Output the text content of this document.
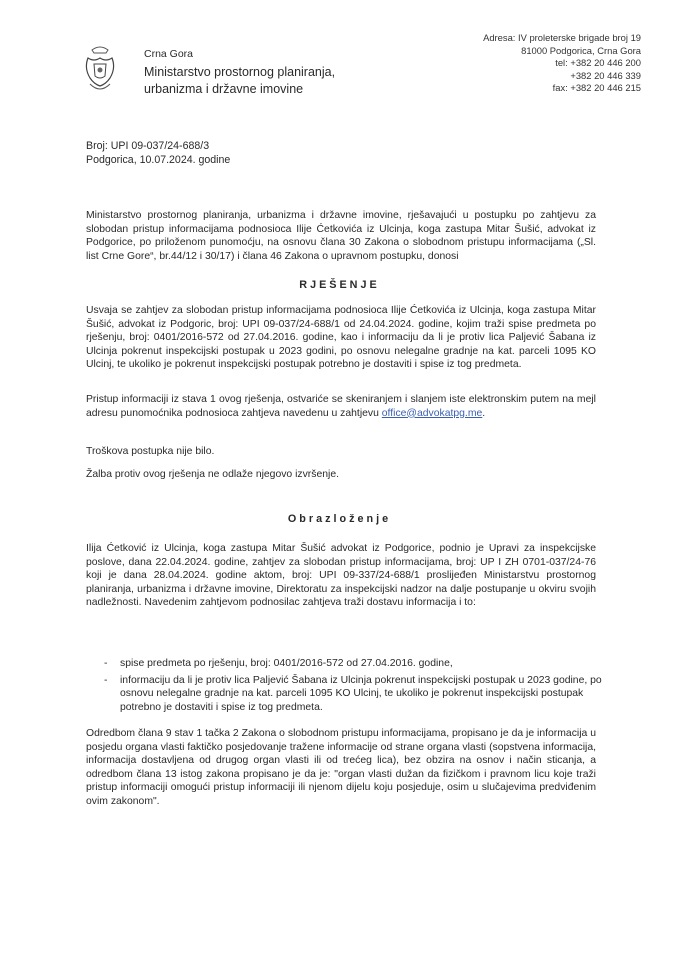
Crna Gora
Ministarstvo prostornog planiranja,
urbanizma i državne imovine
Adresa: IV proleterske brigade broj 19
81000 Podgorica, Crna Gora
tel: +382 20 446 200
+382 20 446 339
fax: +382 20 446 215
Broj: UPI 09-037/24-688/3
Podgorica, 10.07.2024. godine
Ministarstvo prostornog planiranja, urbanizma i državne imovine, rješavajući u postupku po zahtjevu za slobodan pristup informacijama podnosioca Ilije Ćetkovića iz Ulcinja, koga zastupa Mitar Šušić, advokat iz Podgorice, po priloženom punomoćju, na osnovu člana 30 Zakona o slobodnom pristupu informacijama („Sl. list Crne Gore“, br.44/12 i 30/17) i člana 46 Zakona o upravnom postupku, donosi
RJEŠENJE
Usvaja se zahtjev za slobodan pristup informacijama podnosioca Ilije Ćetkovića iz Ulcinja, koga zastupa Mitar Šušić, advokat iz Podgoric, broj: UPI 09-037/24-688/1 od 24.04.2024. godine, kojim traži spise predmeta po rješenju, broj: 0401/2016-572 od 27.04.2016. godine, kao i informaciju da li je protiv lica Paljević Šabana iz Ulcinja pokrenut inspekcijski postupak u 2023 godini, po osnovu nelegalne gradnje na kat. parceli 1095 KO Ulcinj, te ukoliko je pokrenut inspekcijski postupak potrebno je dostaviti i spise iz tog predmeta.
Pristup informaciji iz stava 1 ovog rješenja, ostvariće se skeniranjem i slanjem iste elektronskim putem na mejl adresu punomoćnika podnosioca zahtjeva navedenu u zahtjevu office@advokatpg.me.
Troškova postupka nije bilo.
Žalba protiv ovog rješenja ne odlaže njegovo izvršenje.
Obrazloženje
Ilija Ćetković iz Ulcinja, koga zastupa Mitar Šušić advokat iz Podgorice, podnio je Upravi za inspekcijske poslove, dana 22.04.2024. godine, zahtjev za slobodan pristup informacijama, broj: UP I ZH 0701-037/24-76 koji je dana 28.04.2024. godine aktom, broj: UPI 09-337/24-688/1 proslijeđen Ministarstvu prostornog planiranja, urbanizma i državne imovine, Direktoratu za inspekcijski nadzor na dalje postupanje u okviru svojih nadležnosti. Navedenim zahtjevom podnosilac zahtjeva traži dostavu informacija i to:
- spise predmeta po rješenju, broj: 0401/2016-572 od 27.04.2016. godine,
- informaciju da li je protiv lica Paljević Šabana iz Ulcinja pokrenut inspekcijski postupak u 2023 godine, po osnovu nelegalne gradnje na kat. parceli 1095 KO Ulcinj, te ukoliko je pokrenut inspekcijski postupak potrebno je dostaviti i spise iz tog predmeta.
Odredbom člana 9 stav 1 tačka 2 Zakona o slobodnom pristupu informacijama, propisano je da je informacija u posjedu organa vlasti faktičko posjedovanje tražene informacije od strane organa vlasti (sopstvena informacija, informacija dostavljena od drugog organ vlasti ili od trećeg lica), bez obzira na osnov i način sticanja, a odredbom člana 13 istog zakona propisano je da je: "organ vlasti dužan da fizičkom i pravnom licu koje traži pristup informaciji omogući pristup informaciji ili njenom dijelu koju posjeduje, osim u slučajevima predviđenim ovim zakonom".
